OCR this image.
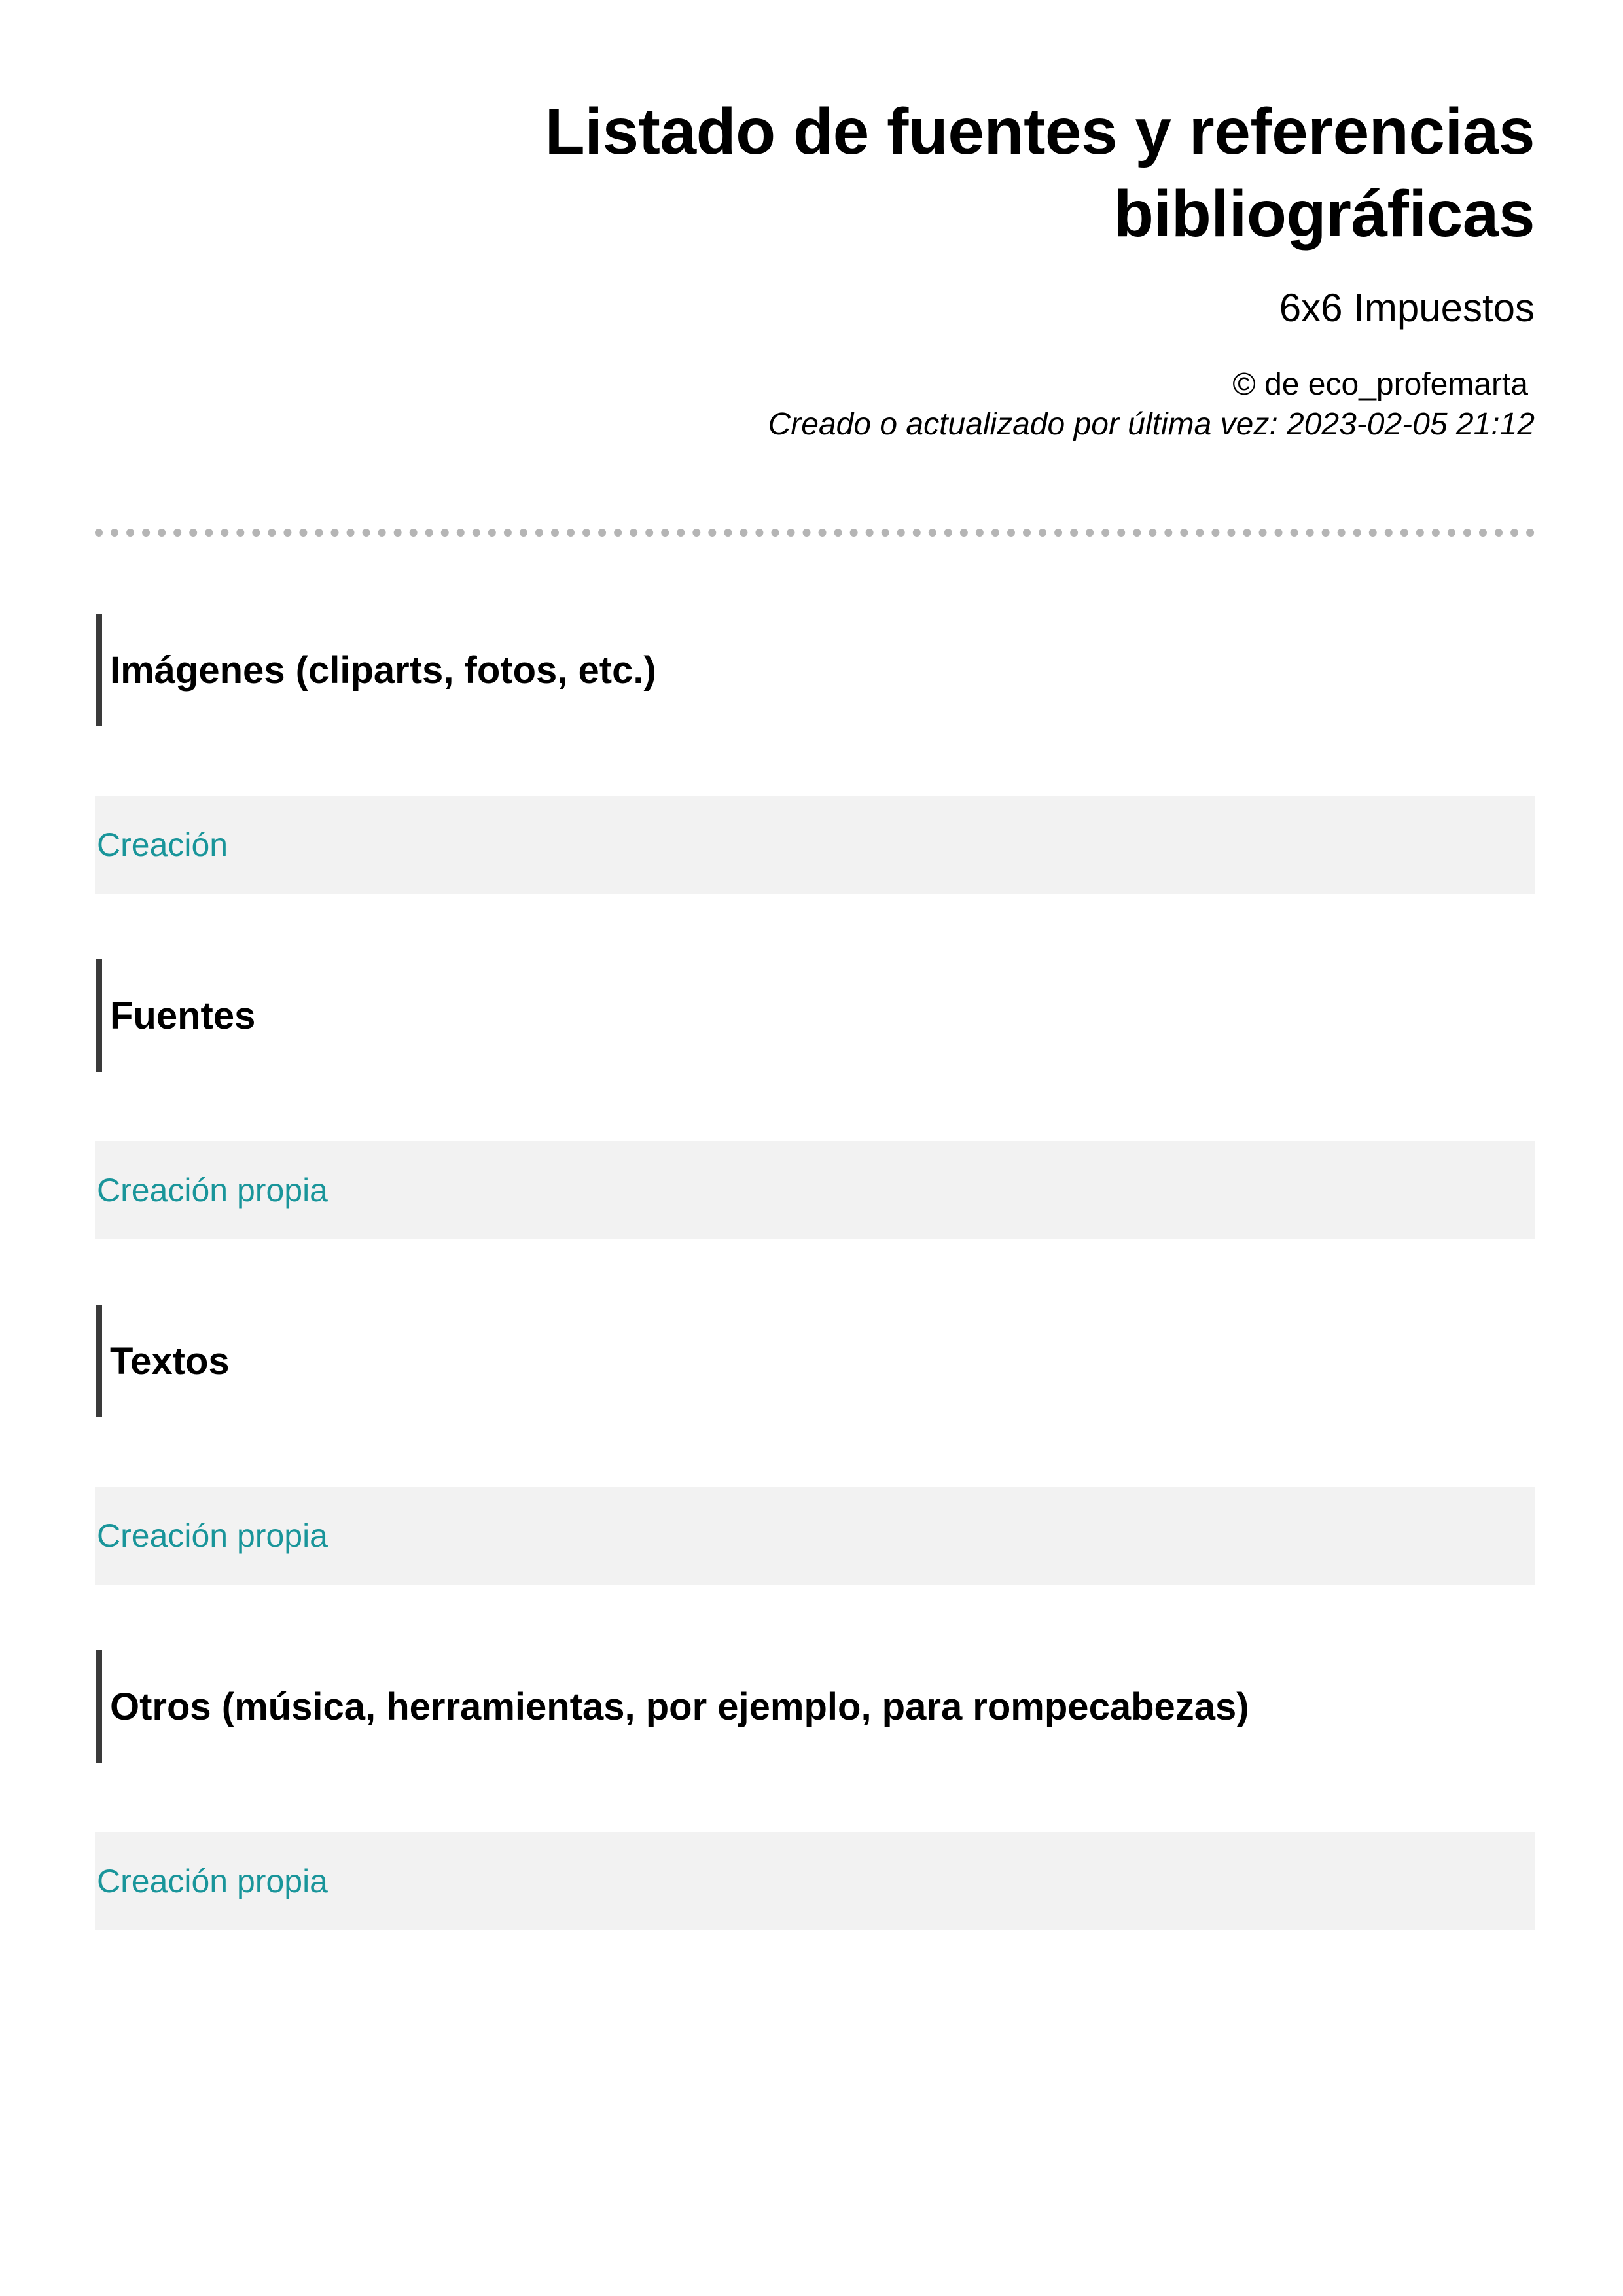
Listado de fuentes y referencias
bibliográficas
6x6 Impuestos
© de eco_profemarta
Creado o actualizado por última vez: 2023-02-05 21:12
Imágenes (cliparts, fotos, etc.)
Creación
Fuentes
Creación propia
Textos
Creación propia
Otros (música, herramientas, por ejemplo, para rompecabezas)
Creación propia
